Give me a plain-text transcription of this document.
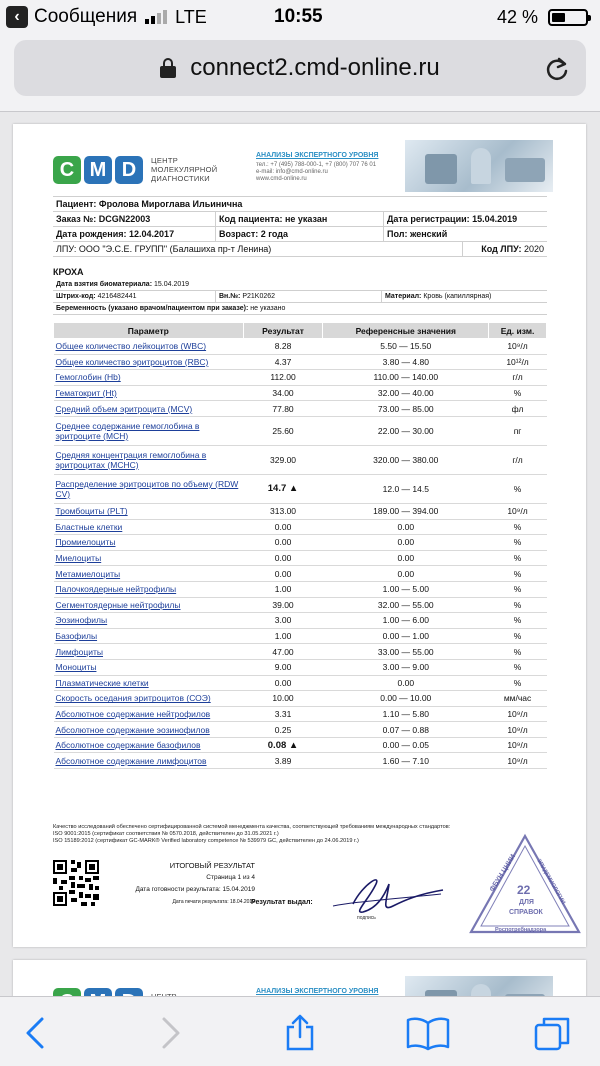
‹ Сообщения LTE	10:55	42 %
connect2.cmd-online.ru
C M D	ЦЕНТР
МОЛЕКУЛЯРНОЙ
ДИАГНОСТИКИ
АНАЛИЗЫ ЭКСПЕРТНОГО УРОВНЯ
тел.: +7 (495) 788-000-1, +7 (800) 707 76 01
e-mail: info@cmd-online.ru
www.cmd-online.ru
Пациент: Фролова Мироглава Ильинична
Заказ №: DCGN22003	Код пациента: не указан	Дата регистрации: 15.04.2019
Дата рождения: 12.04.2017	Возраст: 2 года	Пол: женский
ЛПУ: ООО "Э.С.Е. ГРУПП" (Балашиха пр-т Ленина)	Код ЛПУ: 2020
КРОХА
Дата взятия биоматериала: 15.04.2019
Штрих-код: 4216482441	Вн.№: P21K0262	Материал: Кровь (капиллярная)
Беременность (указано врачом/пациентом при заказе): не указано
Параметр	Результат	Референсные значения	Ед. изм.
Общее количество лейкоцитов (WBC)	8.28	5.50 — 15.50	10⁹/л
Общее количество эритроцитов (RBC)	4.37	3.80 — 4.80	10¹²/л
Гемоглобин (Hb)	112.00	110.00 — 140.00	г/л
Гематокрит (Ht)	34.00	32.00 — 40.00	%
Средний объем эритроцита (MCV)	77.80	73.00 — 85.00	фл
Среднее содержание гемоглобина в эритроците (MCH)	25.60	22.00 — 30.00	пг
Средняя концентрация гемоглобина в эритроцитах (MCHC)	329.00	320.00 — 380.00	г/л
Распределение эритроцитов по объему (RDW CV)	14.7 ▲	12.0 — 14.5	%
Тромбоциты (PLT)	313.00	189.00 — 394.00	10⁹/л
Бластные клетки	0.00	0.00	%
Промиелоциты	0.00	0.00	%
Миелоциты	0.00	0.00	%
Метамиелоциты	0.00	0.00	%
Палочкоядерные нейтрофилы	1.00	1.00 — 5.00	%
Сегментоядерные нейтрофилы	39.00	32.00 — 55.00	%
Эозинофилы	3.00	1.00 — 6.00	%
Базофилы	1.00	0.00 — 1.00	%
Лимфоциты	47.00	33.00 — 55.00	%
Моноциты	9.00	3.00 — 9.00	%
Плазматические клетки	0.00	0.00	%
Скорость оседания эритроцитов (СОЭ)	10.00	0.00 — 10.00	мм/час
Абсолютное содержание нейтрофилов	3.31	1.10 — 5.80	10⁹/л
Абсолютное содержание эозинофилов	0.25	0.07 — 0.88	10⁹/л
Абсолютное содержание базофилов	0.08 ▲	0.00 — 0.05	10⁹/л
Абсолютное содержание лимфоцитов	3.89	1.60 — 7.10	10⁹/л
Качество исследований обеспечено сертифицированной системой менеджмента качества, соответствующей требованиям международных стандартов:
ISO 9001:2015 (сертификат соответствия № 0570.2018, действителен до 31.05.2021 г.)
ISO 15189:2012 (сертификат GC-MARK® Verified laboratory competence № 539979 GC, действителен до 24.06.2019 г.)
ИТОГОВЫЙ РЕЗУЛЬТАТ
Страница 1 из 4
Дата готовности результата: 15.04.2019
Дата печати результата: 18.04.2019
Результат выдал:
подпись
ФБУН ЦНИИ	ЭПИДЕМИОЛОГИИ
22
ДЛЯ
СПРАВОК
Роспотребнадзора
АНАЛИЗЫ ЭКСПЕРТНОГО УРОВНЯ
